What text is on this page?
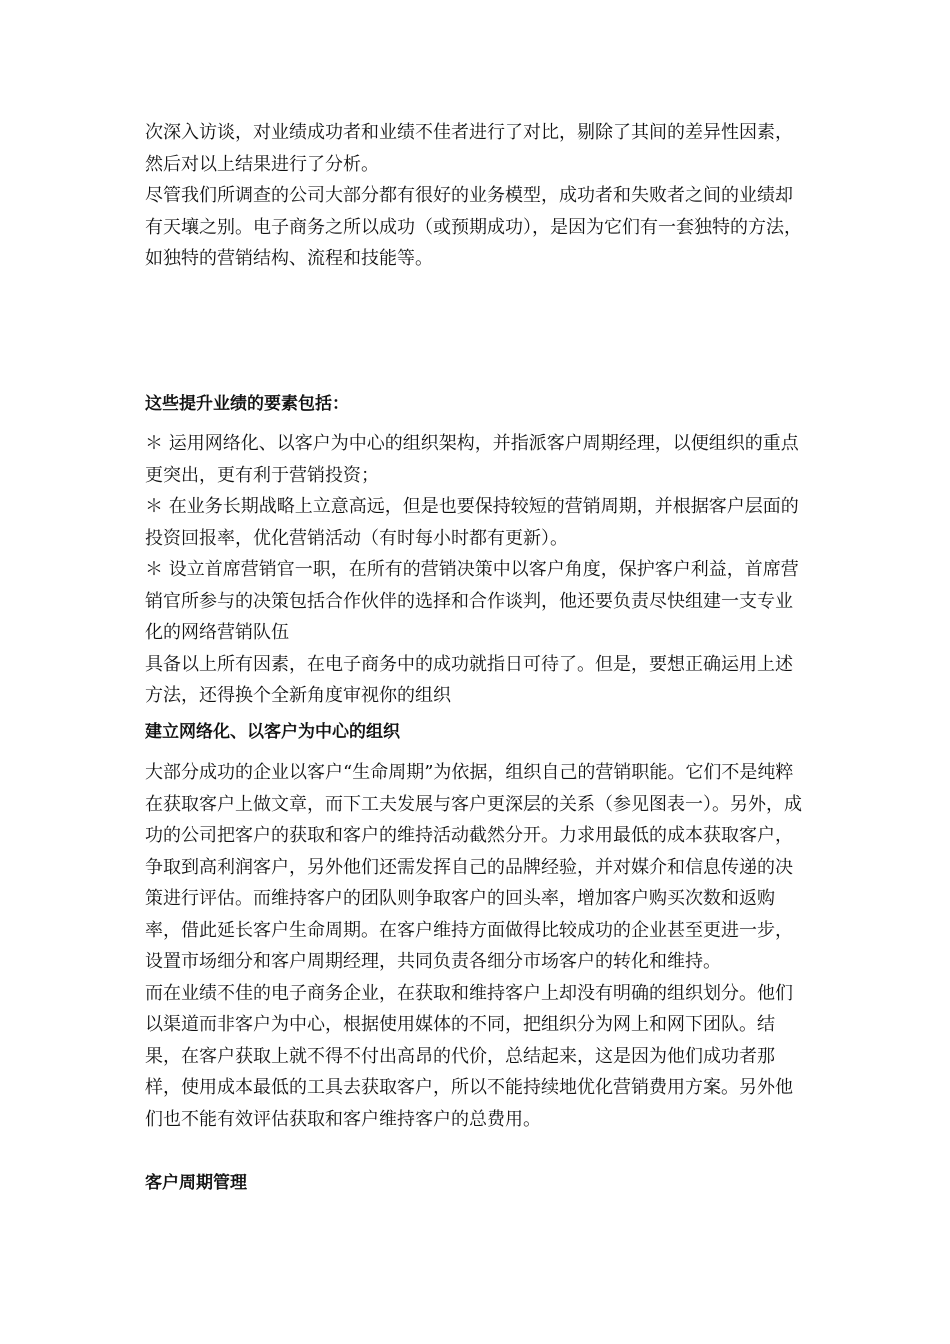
次深入访谈，对业绩成功者和业绩不佳者进行了对比，剔除了其间的差异性因素，然后对以上结果进行了分析。

尽管我们所调查的公司大部分都有很好的业务模型，成功者和失败者之间的业绩却有天壤之别。电子商务之所以成功（或预期成功），是因为它们有一套独特的方法，如独特的营销结构、流程和技能等。

这些提升业绩的要素包括：

＊ 运用网络化、以客户为中心的组织架构，并指派客户周期经理，以便组织的重点更突出，更有利于营销投资；

＊ 在业务长期战略上立意高远，但是也要保持较短的营销周期，并根据客户层面的投资回报率，优化营销活动（有时每小时都有更新）。

＊ 设立首席营销官一职，在所有的营销决策中以客户角度，保护客户利益，首席营销官所参与的决策包括合作伙伴的选择和合作谈判，他还要负责尽快组建一支专业化的网络营销队伍

具备以上所有因素，在电子商务中的成功就指日可待了。但是，要想正确运用上述方法，还得换个全新角度审视你的组织

建立网络化、以客户为中心的组织

大部分成功的企业以客户“生命周期”为依据，组织自己的营销职能。它们不是纯粹在获取客户上做文章，而下工夫发展与客户更深层的关系（参见图表一）。另外，成功的公司把客户的获取和客户的维持活动截然分开。力求用最低的成本获取客户，争取到高利润客户，另外他们还需发挥自己的品牌经验，并对媒介和信息传递的决策进行评估。而维持客户的团队则争取客户的回头率，增加客户购买次数和返购率，借此延长客户生命周期。在客户维持方面做得比较成功的企业甚至更进一步，设置市场细分和客户周期经理，共同负责各细分市场客户的转化和维持。

而在业绩不佳的电子商务企业，在获取和维持客户上却没有明确的组织划分。他们以渠道而非客户为中心，根据使用媒体的不同，把组织分为网上和网下团队。结果，在客户获取上就不得不付出高昂的代价，总结起来，这是因为他们成功者那样，使用成本最低的工具去获取客户，所以不能持续地优化营销费用方案。另外他们也不能有效评估获取和客户维持客户的总费用。

客户周期管理
